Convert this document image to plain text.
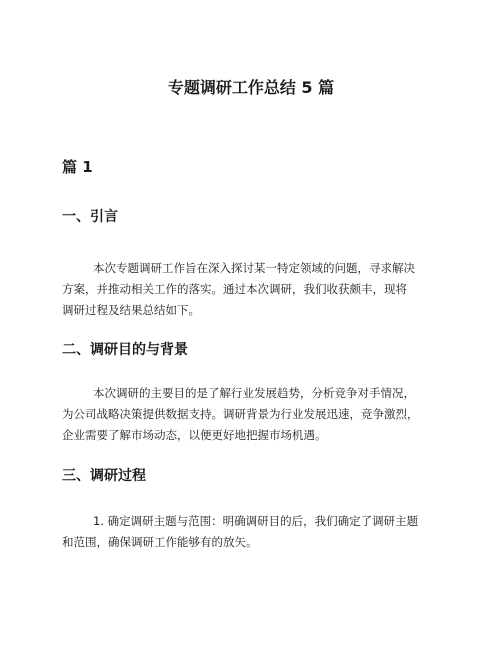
专题调研工作总结 5 篇
篇 1
一、引言
本次专题调研工作旨在深入探讨某一特定领域的问题，寻求解决
方案，并推动相关工作的落实。通过本次调研，我们收获颇丰，现将
调研过程及结果总结如下。
二、调研目的与背景
本次调研的主要目的是了解行业发展趋势，分析竞争对手情况，
为公司战略决策提供数据支持。调研背景为行业发展迅速，竞争激烈，
企业需要了解市场动态，以便更好地把握市场机遇。
三、调研过程
1. 确定调研主题与范围：明确调研目的后，我们确定了调研主题
和范围，确保调研工作能够有的放矢。
